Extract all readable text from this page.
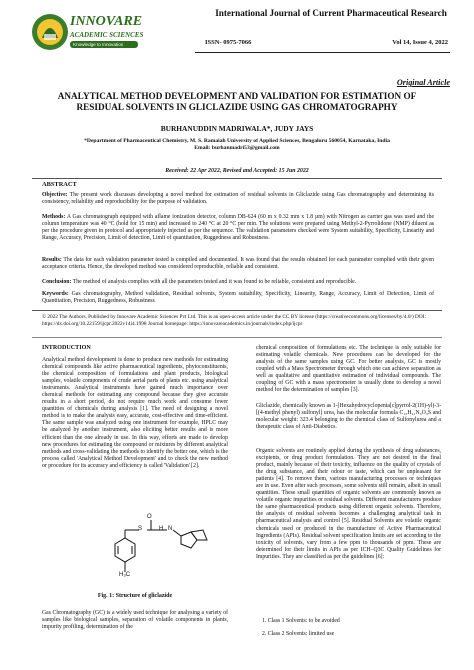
INNOVARE
ACADEMIC SCIENCES
Knowledge to Innovation
International Journal of Current Pharmaceutical Research
ISSN- 0975-7066	Vol 14, Issue 4, 2022
Original Article
ANALYTICAL METHOD DEVELOPMENT AND VALIDATION FOR ESTIMATION OF RESIDUAL SOLVENTS IN GLICLAZIDE USING GAS CHROMATOGRAPHY
BURHANUDDIN MADRIWALA*, JUDY JAYS
*Department of Pharmaceutical Chemistry, M. S. Ramaiah University of Applied Sciences, Bengaluru 560054, Karnataka, India
Email: burhanmadri53@gmail.com
Received: 22 Apr 2022, Revised and Accepted: 15 Jun 2022
ABSTRACT
Objective: The present work discusses developing a novel method for estimation of residual solvents in Gliclazide using Gas chromatography and determining its consistency, reliability and reproducibility for the purpose of validation.
Methods: A Gas chromatograph equipped with aflame ionization detector, column DB-624 (60 m x 0.32 mm x 1.8 µm) with Nitrogen as carrier gas was used and the column temperature was 40 °C (hold for 15 min) and increased to 240 °C at 20 °C per min. The solutions were prepared using Methyl-2-Pyrrolidone (NMP) diluent as per the procedure given in protocol and appropriately injected as per the sequence. The validation parameters checked were System suitability, Specificity, Linearity and Range, Accuracy, Precision, Limit of detection, Limit of quantitation, Ruggedness and Robustness.
Results: The data for each validation parameter tested is compiled and documented. It was found that the results obtained for each parameter complied with their given acceptance criteria. Hence, the developed method was considered reproducible, reliable and consistent.
Conclusion: The method of analysis complies with all the parameters tested and it was found to be reliable, consistent and reproducible.
Keywords: Gas chromatography, Method validation, Residual solvents, System suitability, Specificity, Linearity, Range, Accuracy, Limit of Detection, Limit of Quantitation, Precision, Ruggedness, Robustness
© 2022 The Authors. Published by Innovare Academic Sciences Pvt Ltd. This is an open-access article under the CC BY license (https://creativecommons.org/licenses/by/4.0/) DOI: https://dx.doi.org/10.22159/ijcpr.2022v14i4.1998 Journal homepage: https://innovareacademics.in/journals/index.php/ijcpr
INTRODUCTION
Analytical method development is done to produce new methods for estimating chemical compounds like active pharmaceutical ingredients, phytoconstituents, the chemical composition of formulations and plant products, biological samples, volatile components of crude aerial parts of plants etc. using analytical instruments. Analytical instruments have gained much importance over chemical methods for estimating any compound because they give accurate results in a short period, do not require much work and consume fewer quantities of chemicals during analysis [1]. The need of designing a novel method is to make the analysis easy, accurate, cost-effective and time-efficient. The same sample was analyzed using one instrument for example, HPLC may be analyzed by another instrument, also eliciting better results and is more efficient than the one already in use. In this way, efforts are made to develop new procedures for estimating the compound or mixtures by different analytical methods and cross-validating the methods to identify the better one, which is the process called 'Analytical Method Development' and to check the new method or procedure for its accuracy and efficiency is called 'Validation' [2].
S
O
H N
H₃C
Fig. 1: Structure of gliclazide
Gas Chromatography (GC) is a widely used technique for analysing a variety of samples like biological samples, separation of volatile components in plants, impurity profiling, determination of the
chemical composition of formulations etc. The technique is only suitable for estimating volatile chemicals. New procedures can be developed for the analysis of the same samples using GC. For better analysis, GC is mostly coupled with a Mass Spectrometer through which one can achieve separation as well as qualitative and quantitative estimation of individual compounds. The coupling of GC with a mass spectrometer is usually done to develop a novel method for the determination of samples [3].
Gliclazide, chemically known as 1-[Hexahydrocyclopenta[c]pyrrol-2(1H)-yl)-3-[(4-methyl phenyl) sulfonyl] urea, has the molecular formula C₁₅H₂₁N₃O₃S and molecular weight: 323.4 belonging to the chemical class of Sulfonylurea and a therapeutic class of Anti-Diabetics.
Organic solvents are routinely applied during the synthesis of drug substances, excipients, or drug product formulation. They are not desired in the final product, mainly because of their toxicity, influence on the quality of crystals of the drug substance, and their odour or taste, which can be unpleasant for patients [4]. To remove them, various manufacturing processes or techniques are in use. Even after such processes, some solvents still remain, albeit in small quantities. These small quantities of organic solvents are commonly known as volatile organic impurities or residual solvents. Different manufacturers produce the same pharmaceutical products using different organic solvents. Therefore, the analysis of residual solvents becomes a challenging analytical task in pharmaceutical analysis and control [5]. Residual Solvents are volatile organic chemicals used or produced in the manufacture of Active Pharmaceutical Ingredients (APIs). Residual solvent specification limits are set according to the toxicity of solvents, vary from a few ppm to thousands of ppm. These are determined for their limits in APIs as per ICH–Q3C Quality Guidelines for Impurities. They are classified as per the guidelines [6]:
1. Class 1 Solvents: to be avoided
2. Class 2 Solvents: limited use
